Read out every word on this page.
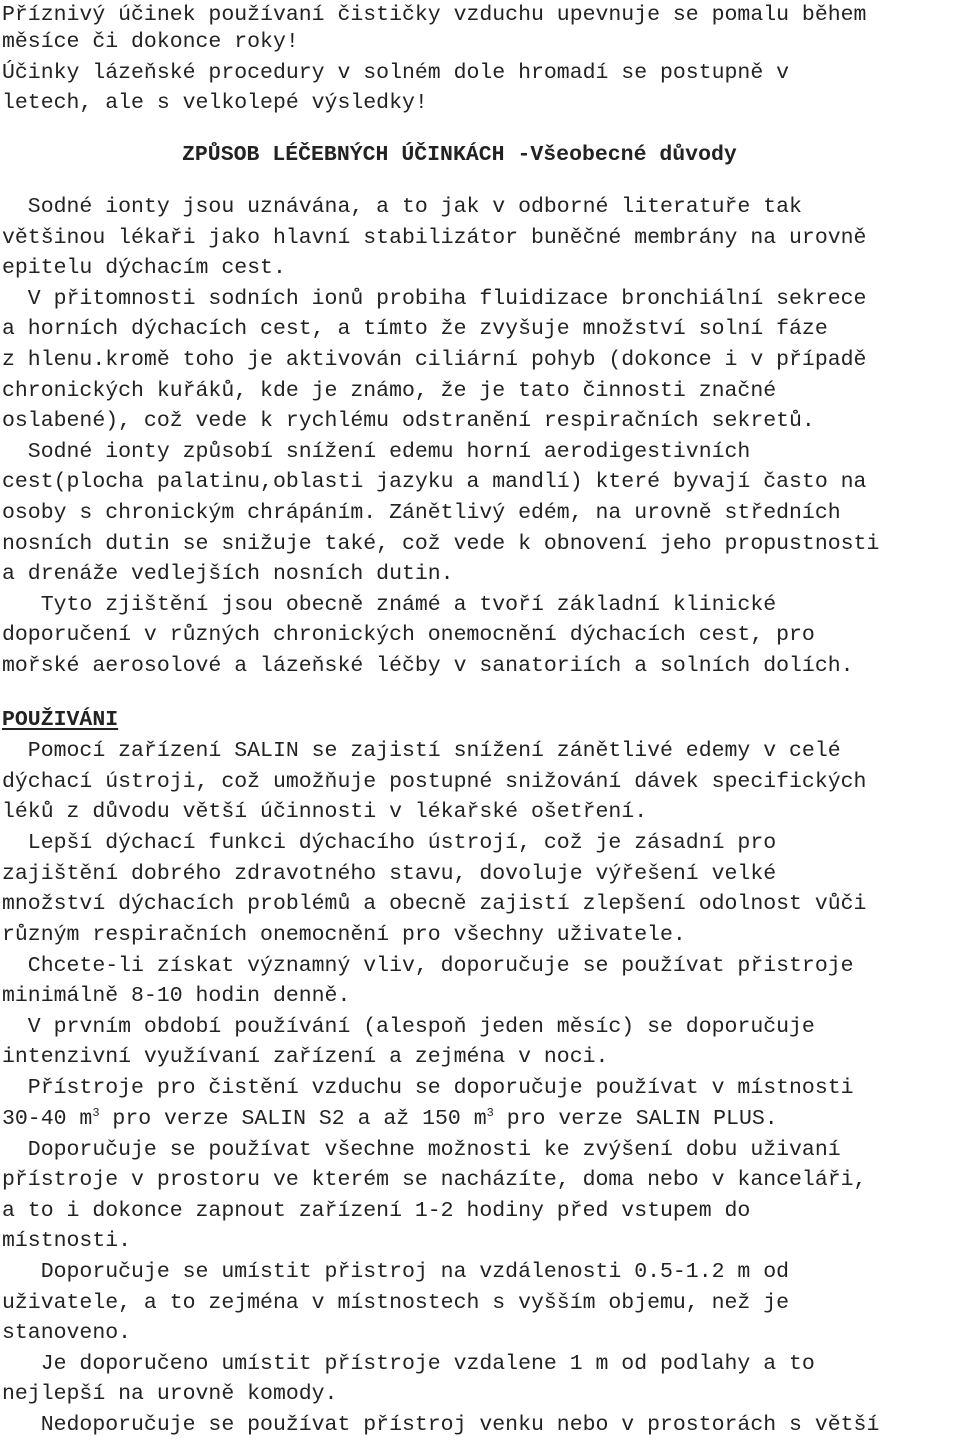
Příznivý účinek používaní čističky vzduchu upevnuje se pomalu během
měsíce či dokonce roky!
Účinky lázeňské procedury v solném dole hromadí se postupně v
letech, ale s velkolepé výsledky!
ZPŮSOB LÉČEBNÝCH ÚČINKÁCH -Všeobecné důvody
Sodné ionty jsou uznávána, a to jak v odborné literatuře tak
většinou lékaři jako hlavní stabilizátor buněčné membrány na urovně
epitelu dýchacím cest.
V přitomnosti sodních ionů probiha fluidizace bronchiální sekrece
a horních dýchacích cest, a tímto že zvyšuje množství solní fáze
z hlenu.kromě toho je aktivován ciliární pohyb (dokonce i v případě
chronických kuřáků, kde je známo, že je tato činnosti značné
oslabené), což vede k rychlému odstranění respiračních sekretů.
Sodné ionty způsobí snížení edemu horní aerodigestivních
cest(plocha palatinu,oblasti jazyku a mandlí) které byvají často na
osoby s chronickým chrápáním. Zánětlivý edém, na urovně středních
nosních dutin se snižuje také, což vede k obnovení jeho propustnosti
a drenáže vedlejších nosních dutin.
Tyto zjištění jsou obecně známé a tvoří základní klinické
doporučení v různých chronických onemocnění dýchacích cest, pro
mořské aerosolové a lázeňské léčby v sanatoriích a solních dolích.
POUŽIVÁNI
Pomocí zařízení SALIN se zajistí snížení zánětlivé edemy v celé
dýchací ústroji, což umožňuje postupné snižování dávek specifických
léků z důvodu větší účinnosti v lékařské ošetření.
Lepší dýchací funkci dýchacího ústrojí, což je zásadní pro
zajištění dobrého zdravotného stavu, dovoluje výřešení velké
množství dýchacích problémů a obecně zajistí zlepšení odolnost vůči
různým respiračních onemocnění pro všechny uživatele.
Chcete-li získat významný vliv, doporučuje se používat přistroje
minimálně 8-10 hodin denně.
V prvním období používání (alespoň jeden měsíc) se doporučuje
intenzivní využívaní zařízení a zejména v noci.
Přístroje pro čistění vzduchu se doporučuje používat v místnosti
30-40 $m^3$ pro verze SALIN S2 a až 150 $m^3$ pro verze SALIN PLUS.
Doporučuje se používat všechne možnosti ke zvýšení dobu uživaní
přístroje v prostoru ve kterém se nacházíte, doma nebo v kanceláři,
a to i dokonce zapnout zařízení 1-2 hodiny před vstupem do
místnosti.
Doporučuje se umístit přistroj na vzdálenosti 0.5-1.2 m od
uživatele, a to zejména v místnostech s vyšším objemu, než je
stanoveno.
Je doporučeno umístit přístroje vzdalene 1 m od podlahy a to
nejlepší na urovně komody.
Nedoporučuje se používat přístroj venku nebo v prostorách s větší
